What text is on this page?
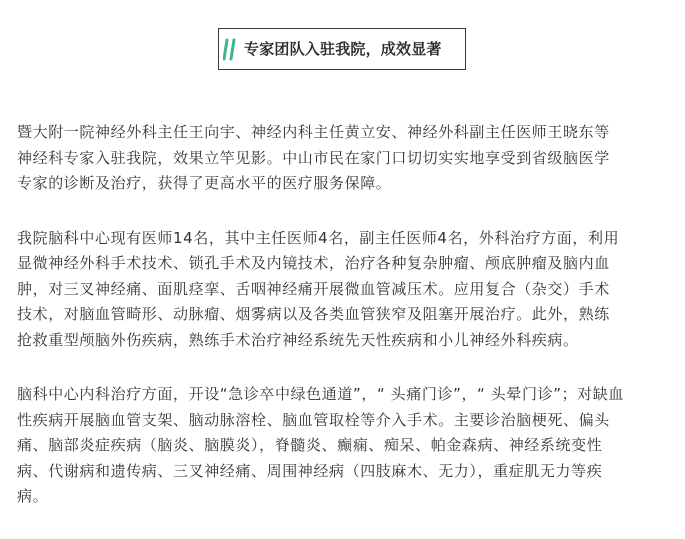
专家团队入驻我院，成效显著

暨大附一院神经外科主任王向宇、神经内科主任黄立安、神经外科副主任医师王晓东等
神经科专家入驻我院，效果立竿见影。中山市民在家门口切切实实地享受到省级脑医学
专家的诊断及治疗，获得了更高水平的医疗服务保障。

我院脑科中心现有医师14名，其中主任医师4名，副主任医师4名，外科治疗方面，利用
显微神经外科手术技术、锁孔手术及内镜技术，治疗各种复杂肿瘤、颅底肿瘤及脑内血
肿，对三叉神经痛、面肌痉挛、舌咽神经痛开展微血管减压术。应用复合（杂交）手术
技术，对脑血管畸形、动脉瘤、烟雾病以及各类血管狭窄及阻塞开展治疗。此外，熟练
抢救重型颅脑外伤疾病，熟练手术治疗神经系统先天性疾病和小儿神经外科疾病。

脑科中心内科治疗方面，开设“急诊卒中绿色通道”，“ 头痛门诊”，“ 头晕门诊”；对缺血
性疾病开展脑血管支架、脑动脉溶栓、脑血管取栓等介入手术。主要诊治脑梗死、偏头
痛、脑部炎症疾病（脑炎、脑膜炎），脊髓炎、癫痫、痴呆、帕金森病、神经系统变性
病、代谢病和遗传病、三叉神经痛、周围神经病（四肢麻木、无力），重症肌无力等疾
病。
